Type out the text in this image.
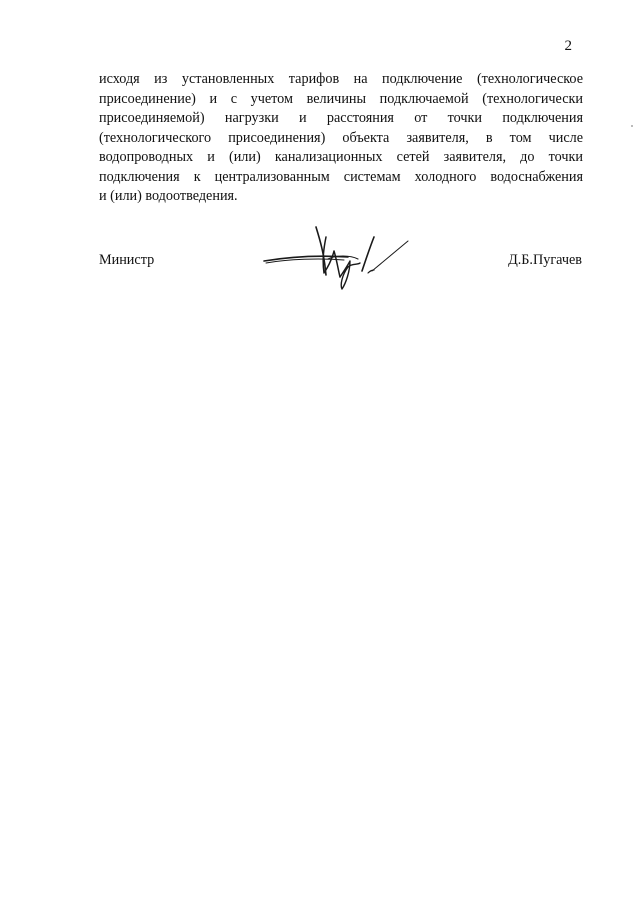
2
исходя из установленных тарифов на подключение (технологическое
присоединение) и с учетом величины подключаемой (технологически
присоединяемой) нагрузки и расстояния от точки подключения
(технологического присоединения) объекта заявителя, в том числе
водопроводных и (или) канализационных сетей заявителя, до точки
подключения к централизованным системам холодного водоснабжения
и (или) водоотведения.
Министр	Д.Б.Пугачев
